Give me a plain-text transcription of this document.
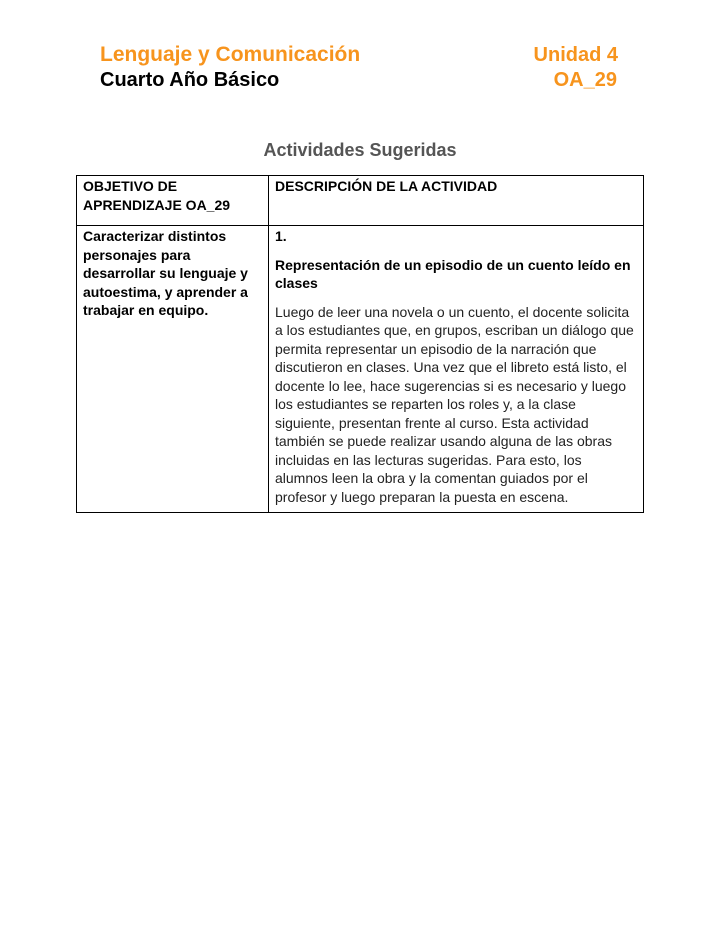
Lenguaje y Comunicación	Unidad 4
Cuarto Año Básico	OA_29
Actividades Sugeridas
OBJETIVO DE APRENDIZAJE OA_29	DESCRIPCIÓN DE LA ACTIVIDAD
Caracterizar distintos personajes para desarrollar su lenguaje y autoestima, y aprender a trabajar en equipo.	1.

Representación de un episodio de un cuento leído en clases

Luego de leer una novela o un cuento, el docente solicita a los estudiantes que, en grupos, escriban un diálogo que permita representar un episodio de la narración que discutieron en clases. Una vez que el libreto está listo, el docente lo lee, hace sugerencias si es necesario y luego los estudiantes se reparten los roles y, a la clase siguiente, presentan frente al curso. Esta actividad también se puede realizar usando alguna de las obras incluidas en las lecturas sugeridas. Para esto, los alumnos leen la obra y la comentan guiados por el profesor y luego preparan la puesta en escena.
